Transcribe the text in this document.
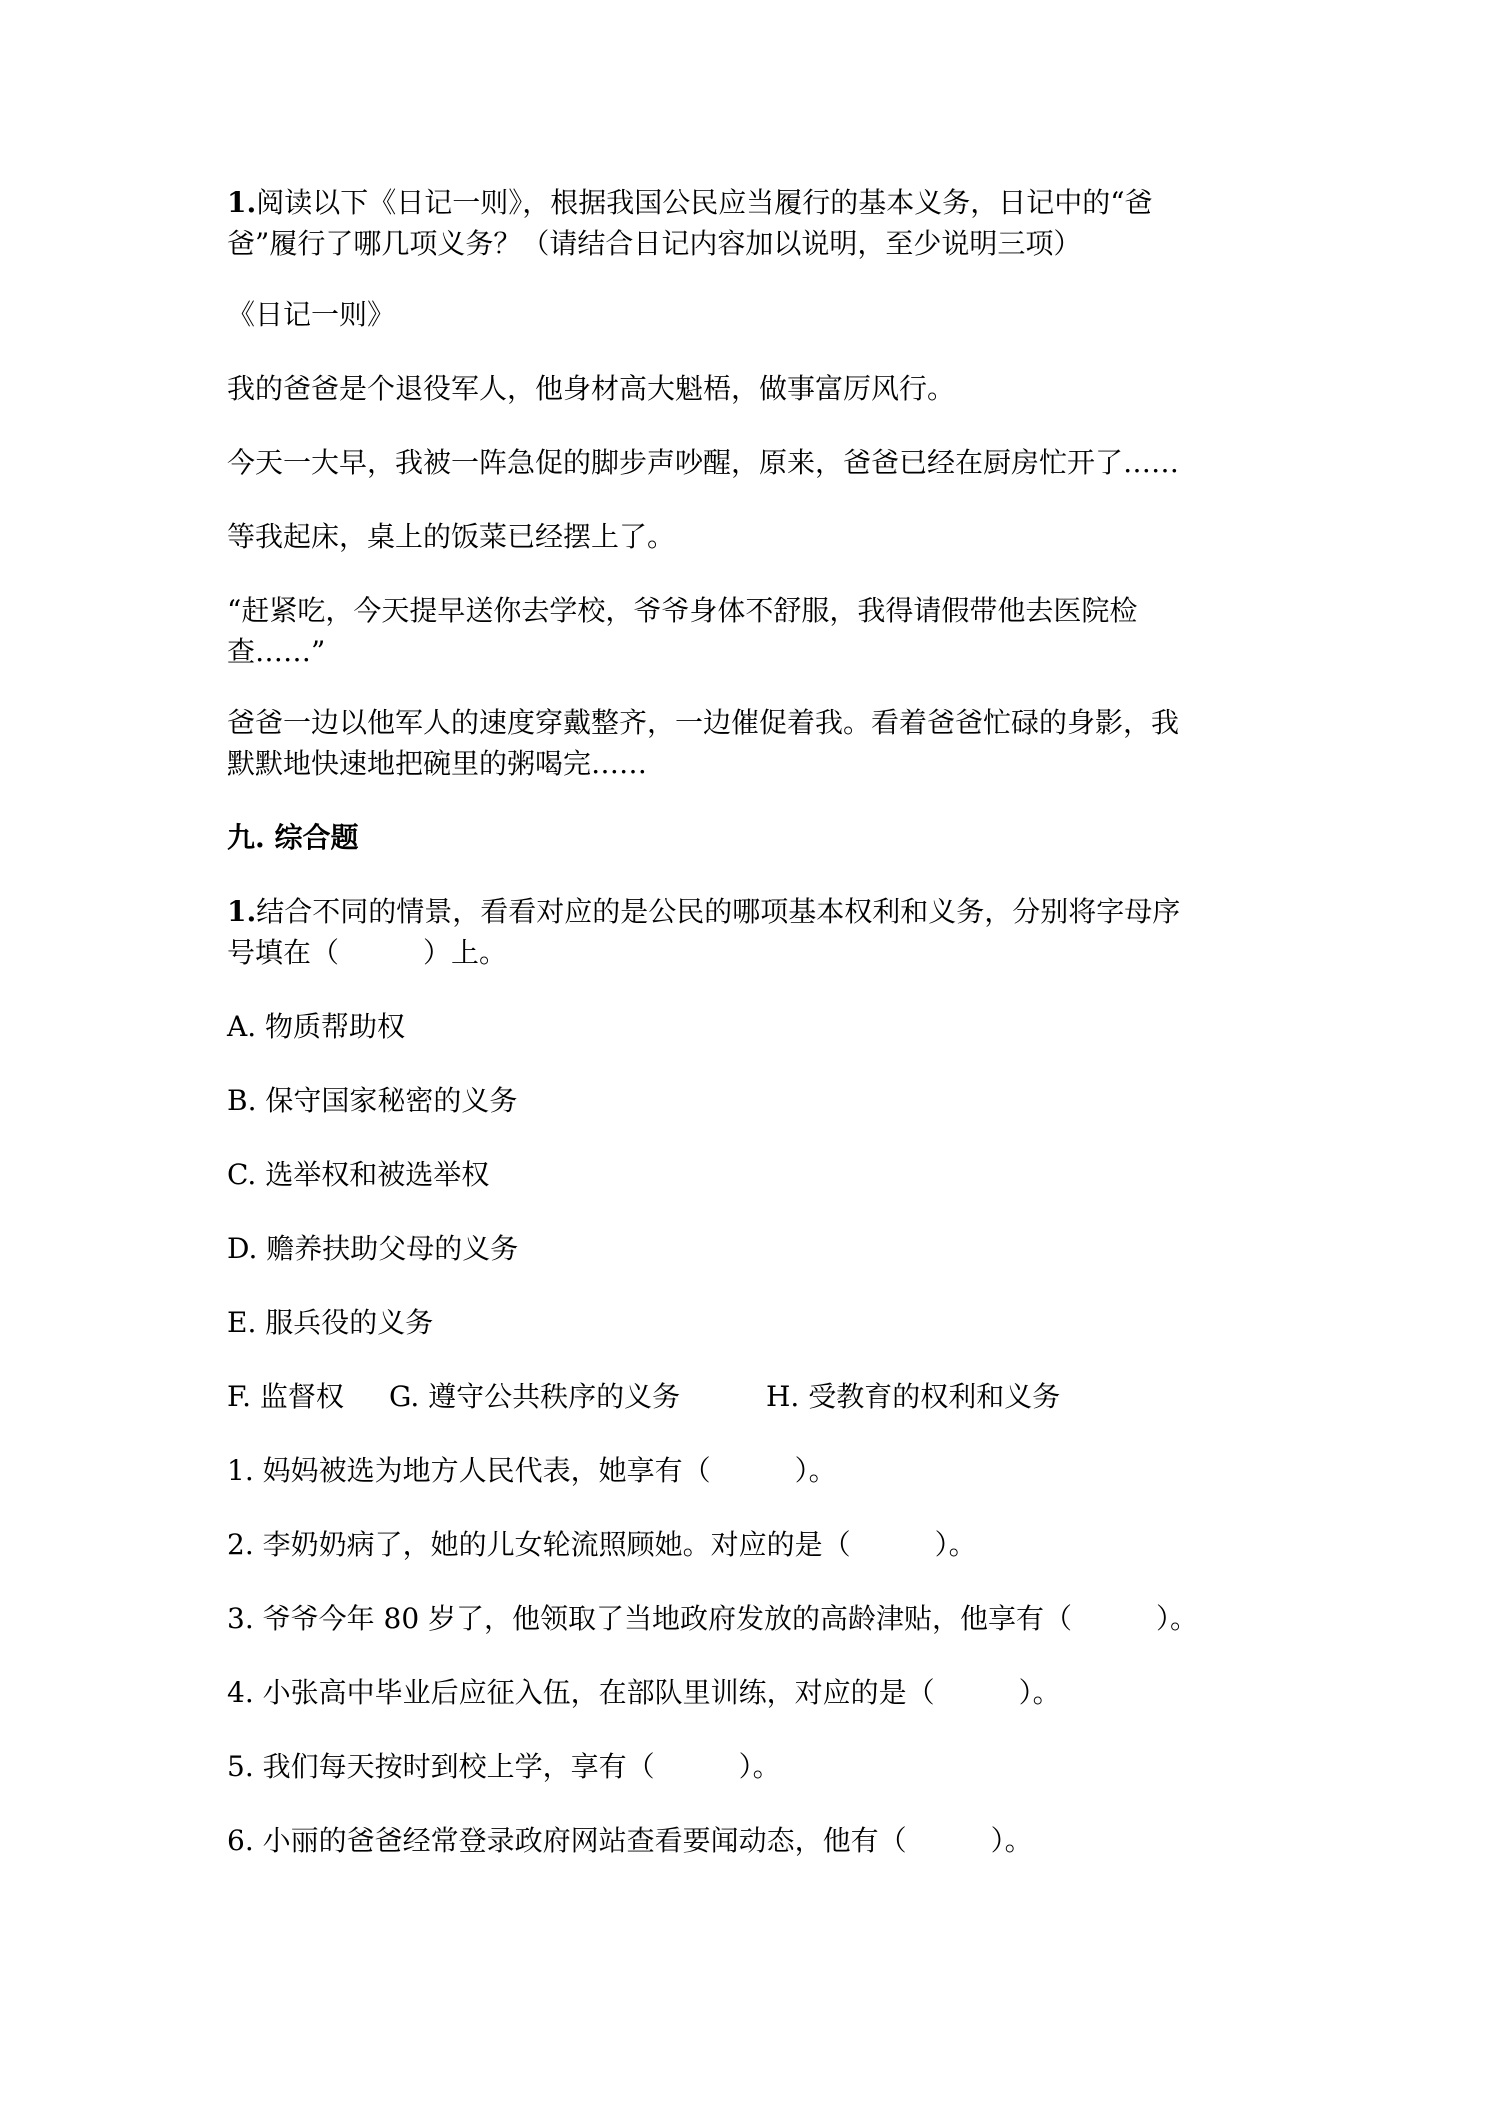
1.阅读以下《日记一则》，根据我国公民应当履行的基本义务，日记中的“爸

爸”履行了哪几项义务？（请结合日记内容加以说明，至少说明三项）

《日记一则》

我的爸爸是个退役军人，他身材高大魁梧，做事富厉风行。

今天一大早，我被一阵急促的脚步声吵醒，原来，爸爸已经在厨房忙开了……

等我起床，桌上的饭菜已经摆上了。

“赶紧吃，今天提早送你去学校，爷爷身体不舒服，我得请假带他去医院检

查……”

爸爸一边以他军人的速度穿戴整齐，一边催促着我。看着爸爸忙碌的身影，我

默默地快速地把碗里的粥喝完……

九. 综合题

1.结合不同的情景，看看对应的是公民的哪项基本权利和义务，分别将字母序

号填在（　　　）上。

A. 物质帮助权

B. 保守国家秘密的义务

C. 选举权和被选举权

D. 赡养扶助父母的义务

E. 服兵役的义务

F. 监督权 G. 遵守公共秩序的义务	H. 受教育的权利和义务

1. 妈妈被选为地方人民代表，她享有（　　　）。

2. 李奶奶病了，她的儿女轮流照顾她。对应的是（　　　）。

3. 爷爷今年 80 岁了，他领取了当地政府发放的高龄津贴，他享有（　　　）。

4. 小张高中毕业后应征入伍，在部队里训练，对应的是（　　　）。

5. 我们每天按时到校上学，享有（　　　）。

6. 小丽的爸爸经常登录政府网站查看要闻动态，他有（　　　）。
